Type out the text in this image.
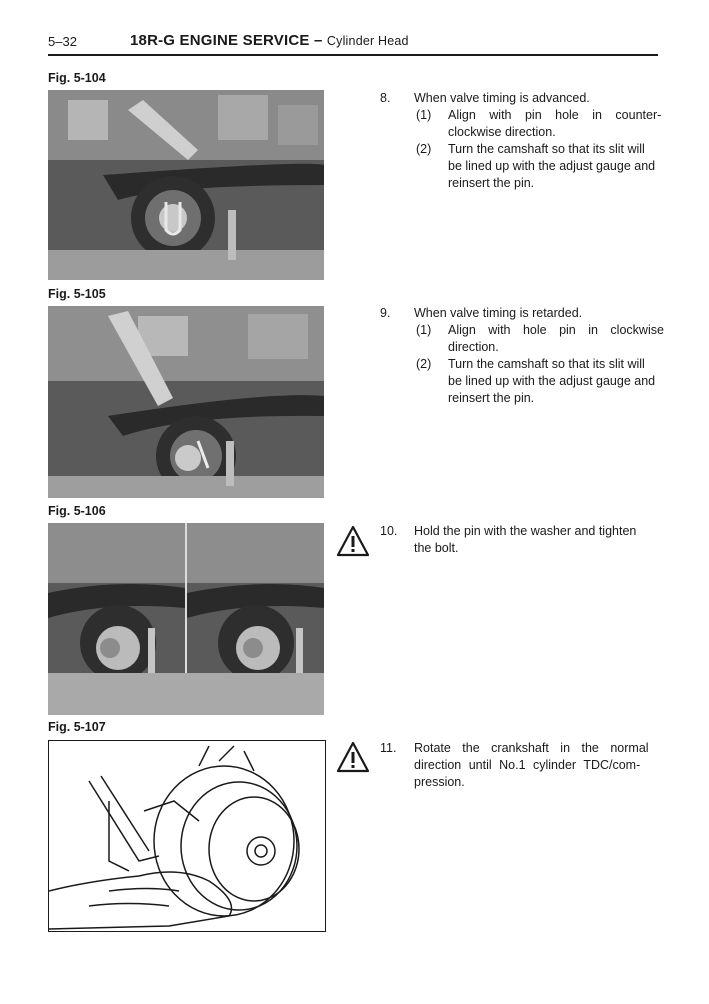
5–32	18R-G ENGINE SERVICE – Cylinder Head
Fig. 5-104
Fig. 5-105
Fig. 5-106
Fig. 5-107
8. When valve timing is advanced.
(1) Align with pin hole in counter-
clockwise direction.
(2) Turn the camshaft so that its slit will
be lined up with the adjust gauge and
reinsert the pin.
9. When valve timing is retarded.
(1) Align with hole pin in clockwise
direction.
(2) Turn the camshaft so that its slit will
be lined up with the adjust gauge and
reinsert the pin.
10. Hold the pin with the washer and tighten
the bolt.
11. Rotate the crankshaft in the normal
direction until No.1 cylinder TDC/com-
pression.
